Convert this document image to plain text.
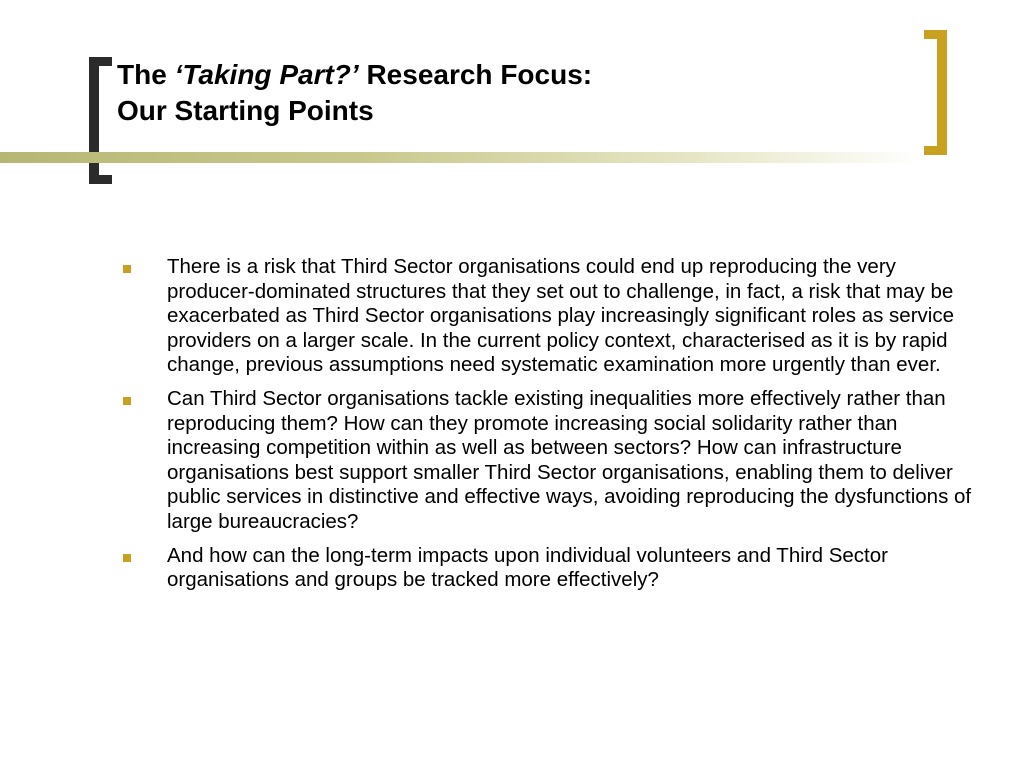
The ‘Taking Part?’ Research Focus:
Our Starting Points
There is a risk that Third Sector organisations could end up reproducing the very producer-dominated structures that they set out to challenge, in fact, a risk that may be exacerbated as Third Sector organisations play increasingly significant roles as service providers on a larger scale. In the current policy context, characterised as it is by rapid change, previous assumptions need systematic examination more urgently than ever.
Can Third Sector organisations tackle existing inequalities more effectively rather than reproducing them? How can they promote increasing social solidarity rather than increasing competition within as well as between sectors? How can infrastructure organisations best support smaller Third Sector organisations, enabling them to deliver public services in distinctive and effective ways, avoiding reproducing the dysfunctions of large bureaucracies?
And how can the long-term impacts upon individual volunteers and Third Sector organisations and groups be tracked more effectively?
